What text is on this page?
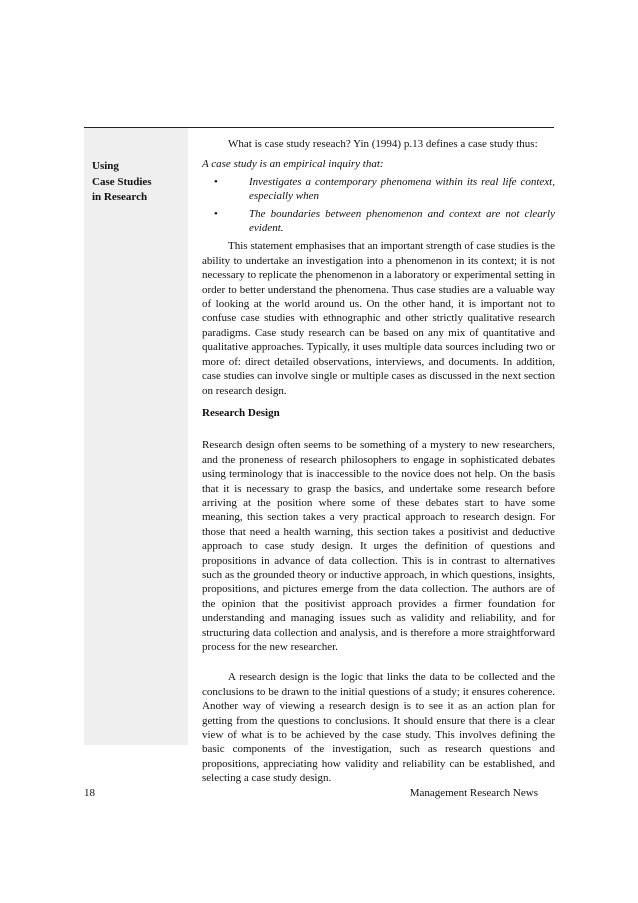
Using
Case Studies
in Research

What is case study reseach? Yin (1994) p.13 defines a case study thus:

A case study is an empirical inquiry that:

•	Investigates a contemporary phenomena within its real life context, especially when
•	The boundaries between phenomenon and context are not clearly evident.

This statement emphasises that an important strength of case studies is the ability to undertake an investigation into a phenomenon in its context; it is not necessary to replicate the phenomenon in a laboratory or experimental setting in order to better understand the phenomena. Thus case studies are a valuable way of looking at the world around us. On the other hand, it is important not to confuse case studies with ethnographic and other strictly qualitative research paradigms. Case study research can be based on any mix of quantitative and qualitative approaches. Typically, it uses multiple data sources including two or more of: direct detailed observations, interviews, and documents. In addition, case studies can involve single or multiple cases as discussed in the next section on research design.

Research Design

Research design often seems to be something of a mystery to new researchers, and the proneness of research philosophers to engage in sophisticated debates using terminology that is inaccessible to the novice does not help. On the basis that it is necessary to grasp the basics, and undertake some research before arriving at the position where some of these debates start to have some meaning, this section takes a very practical approach to research design. For those that need a health warning, this section takes a positivist and deductive approach to case study design. It urges the definition of questions and propositions in advance of data collection. This is in contrast to alternatives such as the grounded theory or inductive approach, in which questions, insights, propositions, and pictures emerge from the data collection. The authors are of the opinion that the positivist approach provides a firmer foundation for understanding and managing issues such as validity and reliability, and for structuring data collection and analysis, and is therefore a more straightforward process for the new researcher.

A research design is the logic that links the data to be collected and the conclusions to be drawn to the initial questions of a study; it ensures coherence. Another way of viewing a research design is to see it as an action plan for getting from the questions to conclusions. It should ensure that there is a clear view of what is to be achieved by the case study. This involves defining the basic components of the investigation, such as research questions and propositions, appreciating how validity and reliability can be established, and selecting a case study design.

18	Management Research News
